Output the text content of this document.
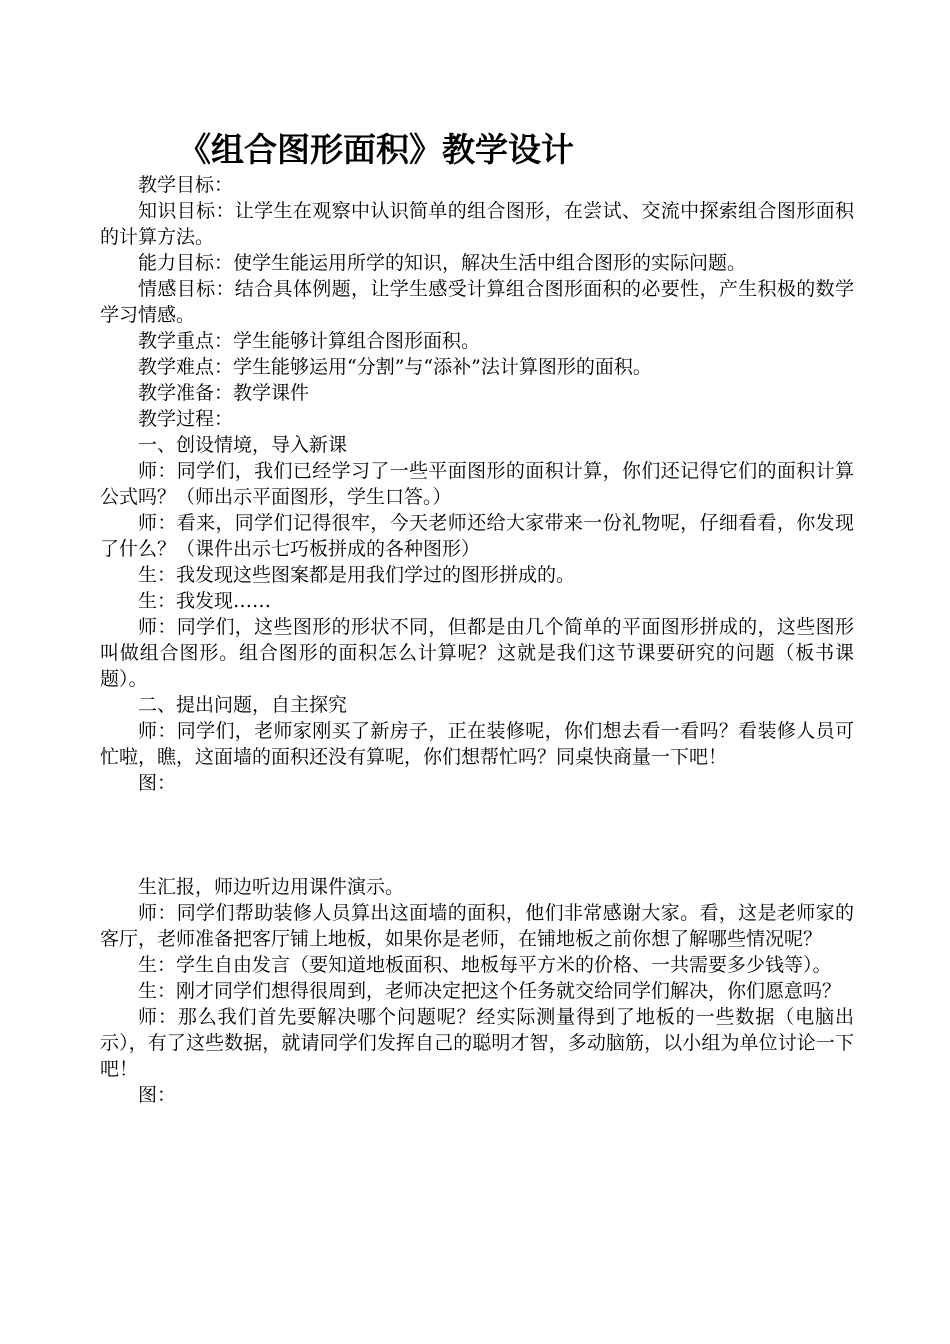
《组合图形面积》教学设计

教学目标：

知识目标：让学生在观察中认识简单的组合图形，在尝试、交流中探索组合图形面积的计算方法。

能力目标：使学生能运用所学的知识，解决生活中组合图形的实际问题。

情感目标：结合具体例题，让学生感受计算组合图形面积的必要性，产生积极的数学学习情感。

教学重点：学生能够计算组合图形面积。

教学难点：学生能够运用“分割”与“添补”法计算图形的面积。

教学准备：教学课件

教学过程：

一、创设情境，导入新课

师：同学们，我们已经学习了一些平面图形的面积计算，你们还记得它们的面积计算公式吗？（师出示平面图形，学生口答。）

师：看来，同学们记得很牢，今天老师还给大家带来一份礼物呢，仔细看看，你发现了什么？（课件出示七巧板拼成的各种图形）

生：我发现这些图案都是用我们学过的图形拼成的。

生：我发现……

师：同学们，这些图形的形状不同，但都是由几个简单的平面图形拼成的，这些图形叫做组合图形。组合图形的面积怎么计算呢？这就是我们这节课要研究的问题（板书课题）。

二、提出问题，自主探究

师：同学们，老师家刚买了新房子，正在装修呢，你们想去看一看吗？看装修人员可忙啦，瞧，这面墙的面积还没有算呢，你们想帮忙吗？同桌快商量一下吧！

图：

生汇报，师边听边用课件演示。

师：同学们帮助装修人员算出这面墙的面积，他们非常感谢大家。看，这是老师家的客厅，老师准备把客厅铺上地板，如果你是老师，在铺地板之前你想了解哪些情况呢？

生：学生自由发言（要知道地板面积、地板每平方米的价格、一共需要多少钱等）。

生：刚才同学们想得很周到，老师决定把这个任务就交给同学们解决，你们愿意吗？

师：那么我们首先要解决哪个问题呢？经实际测量得到了地板的一些数据（电脑出示），有了这些数据，就请同学们发挥自己的聪明才智，多动脑筋，以小组为单位讨论一下吧！

图：
